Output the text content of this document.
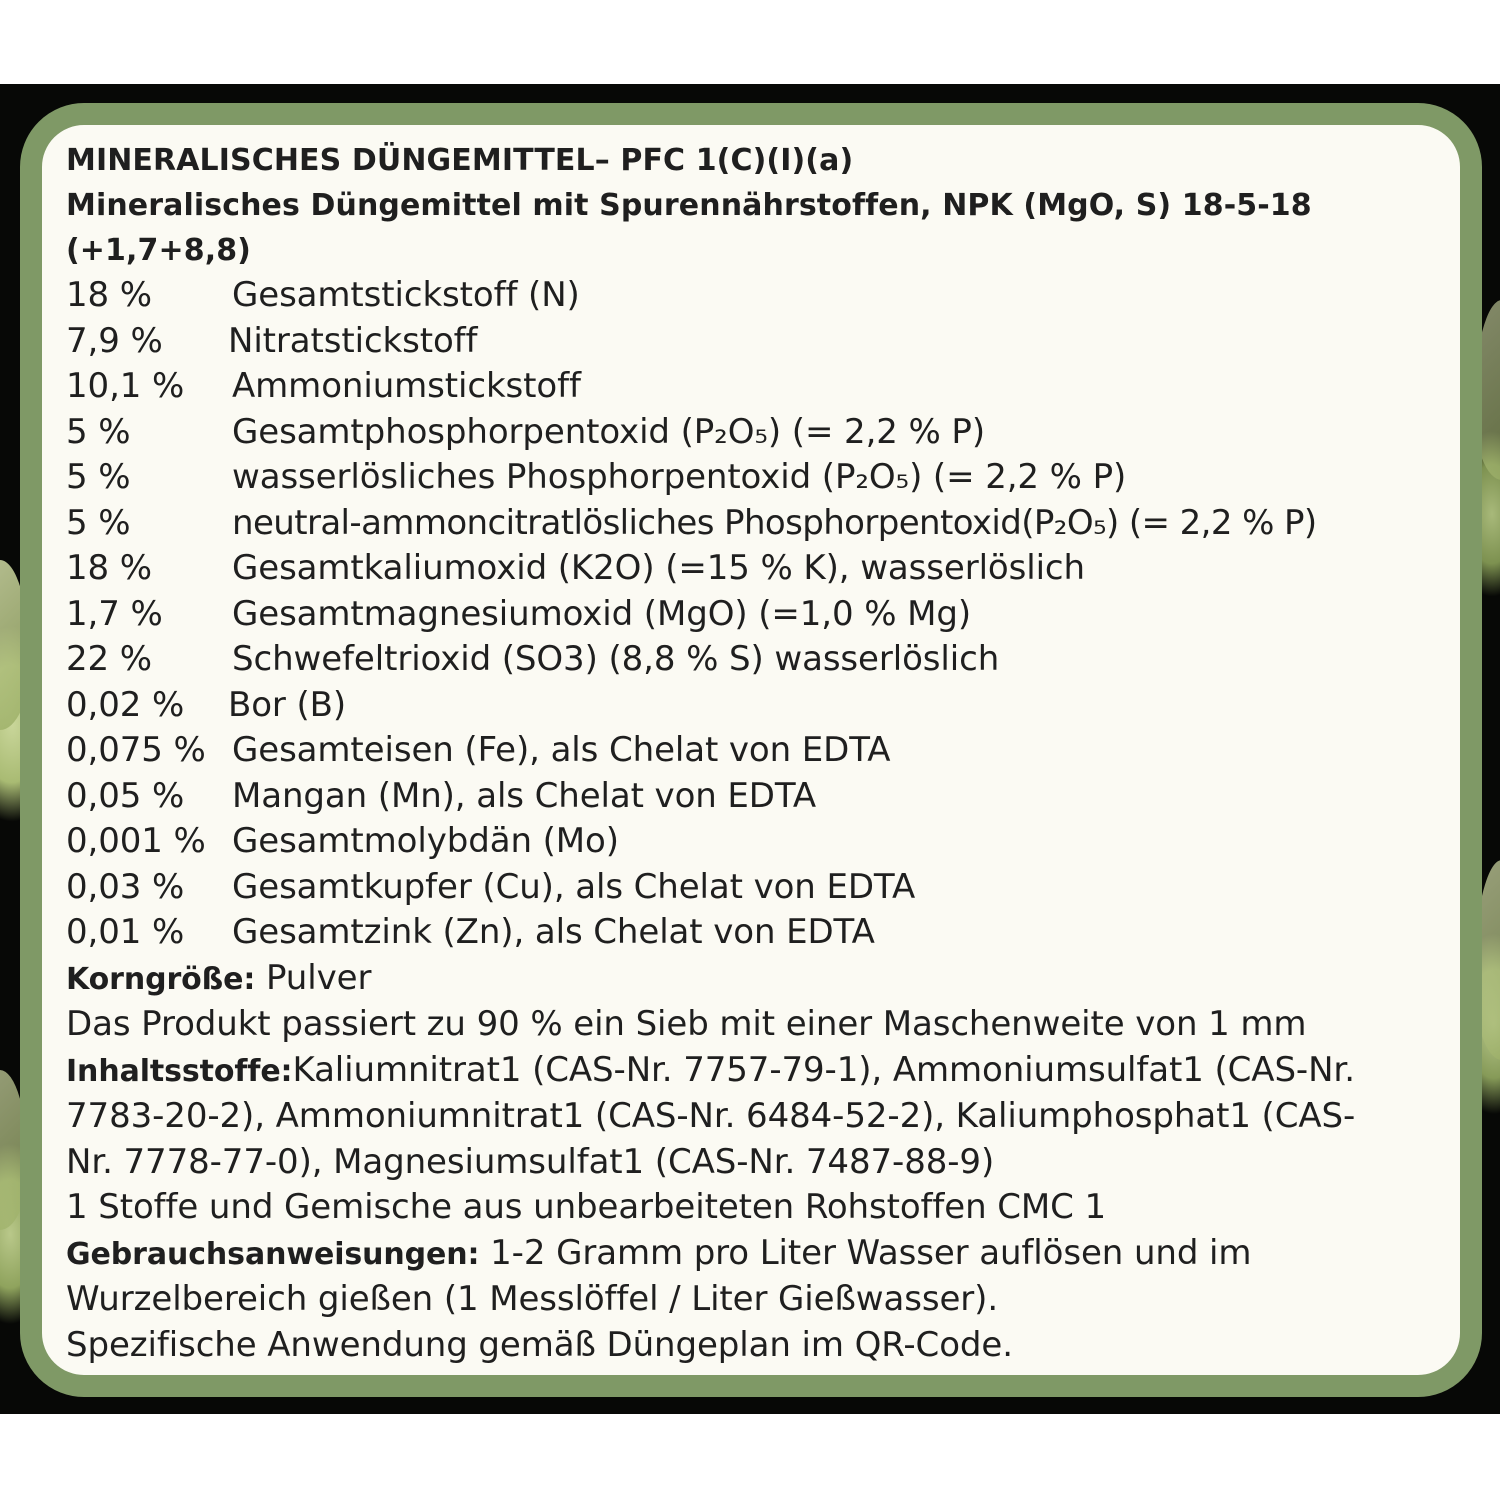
MINERALISCHES DÜNGEMITTEL– PFC 1(C)(I)(a)
Mineralisches Düngemittel mit Spurennährstoffen, NPK (MgO, S) 18-5-18
(+1,7+8,8)
18 %	Gesamtstickstoff (N)
7,9 %	Nitratstickstoff
10,1 %	Ammoniumstickstoff
5 %	Gesamtphosphorpentoxid (P₂O₅) (= 2,2 % P)
5 %	wasserlösliches Phosphorpentoxid (P₂O₅) (= 2,2 % P)
5 %	neutral-ammoncitratlösliches Phosphorpentoxid(P₂O₅) (= 2,2 % P)
18 %	Gesamtkaliumoxid (K2O) (=15 % K), wasserlöslich
1,7 %	Gesamtmagnesiumoxid (MgO) (=1,0 % Mg)
22 %	Schwefeltrioxid (SO3) (8,8 % S) wasserlöslich
0,02 %	Bor (B)
0,075 % Gesamteisen (Fe), als Chelat von EDTA
0,05 %	Mangan (Mn), als Chelat von EDTA
0,001 % Gesamtmolybdän (Mo)
0,03 %	Gesamtkupfer (Cu), als Chelat von EDTA
0,01 %	Gesamtzink (Zn), als Chelat von EDTA
Korngröße: Pulver
Das Produkt passiert zu 90 % ein Sieb mit einer Maschenweite von 1 mm
Inhaltsstoffe:Kaliumnitrat1 (CAS-Nr. 7757-79-1), Ammoniumsulfat1 (CAS-Nr.
7783-20-2), Ammoniumnitrat1 (CAS-Nr. 6484-52-2), Kaliumphosphat1 (CAS-
Nr. 7778-77-0), Magnesiumsulfat1 (CAS-Nr. 7487-88-9)
1 Stoffe und Gemische aus unbearbeiteten Rohstoffen CMC 1
Gebrauchsanweisungen: 1-2 Gramm pro Liter Wasser auflösen und im
Wurzelbereich gießen (1 Messlöffel / Liter Gießwasser).
Spezifische Anwendung gemäß Düngeplan im QR-Code.
